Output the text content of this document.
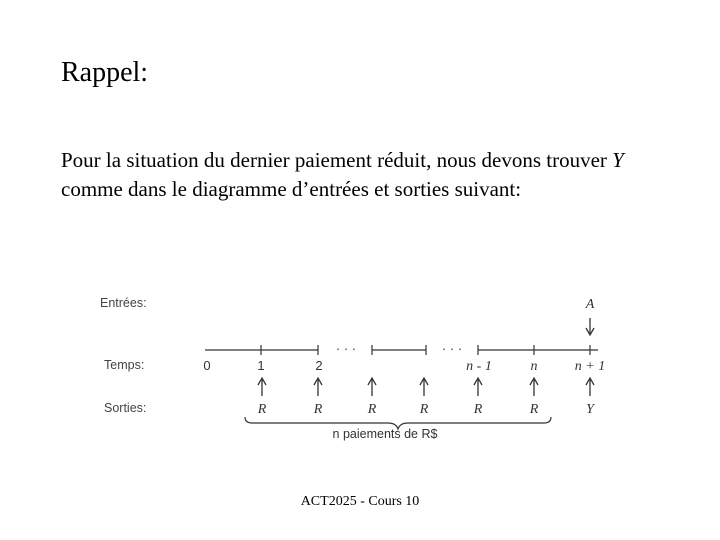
Rappel:
Pour la situation du dernier paiement réduit, nous devons trouver Y comme dans le diagramme d’entrées et sorties suivant:
Entrées:
Temps:
Sorties:
A
· · ·	· · ·
0	1	2	n - 1	n	n + 1
R	R	R	R	R	R	Y
n paiements de R$
ACT2025 - Cours 10
